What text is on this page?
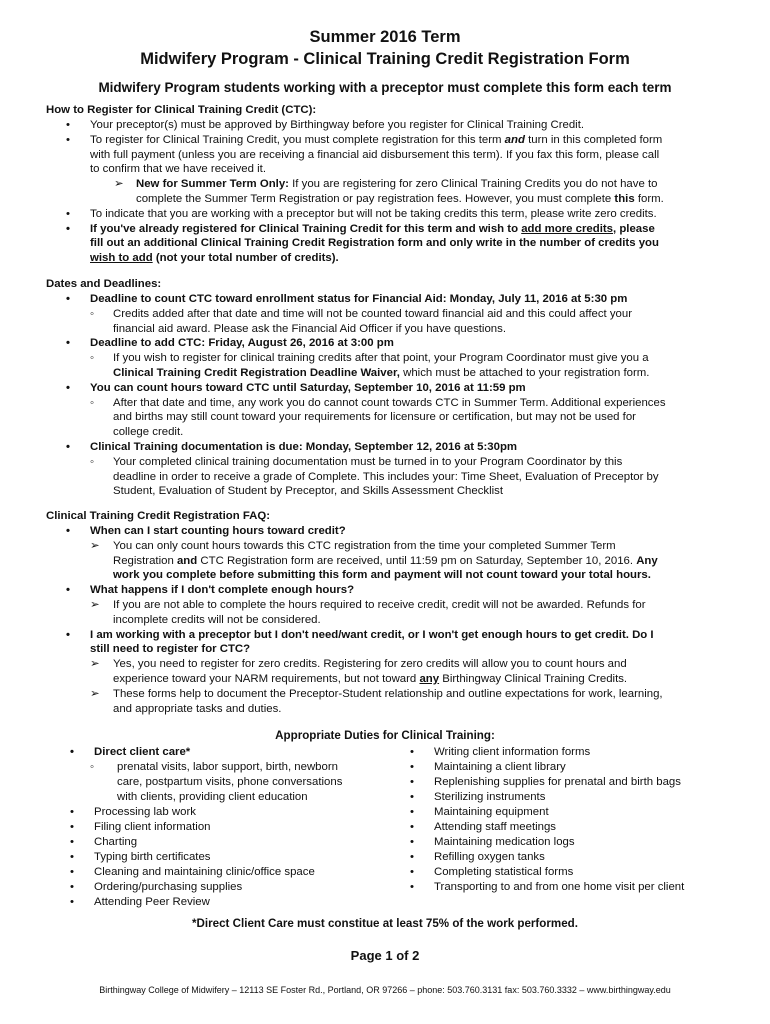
Summer 2016 Term
Midwifery Program - Clinical Training Credit Registration Form
Midwifery Program students working with a preceptor must complete this form each term
How to Register for Clinical Training Credit (CTC):
• Your preceptor(s) must be approved by Birthingway before you register for Clinical Training Credit.
• To register for Clinical Training Credit, you must complete registration for this term and turn in this completed form
with full payment (unless you are receiving a financial aid disbursement this term). If you fax this form, please call
to confirm that we have received it.
➢ New for Summer Term Only: If you are registering for zero Clinical Training Credits you do not have to
complete the Summer Term Registration or pay registration fees. However, you must complete this form.
• To indicate that you are working with a preceptor but will not be taking credits this term, please write zero credits.
• If you've already registered for Clinical Training Credit for this term and wish to add more credits, please
fill out an additional Clinical Training Credit Registration form and only write in the number of credits you
wish to add (not your total number of credits).
Dates and Deadlines:
• Deadline to count CTC toward enrollment status for Financial Aid: Monday, July 11, 2016 at 5:30 pm
◦ Credits added after that date and time will not be counted toward financial aid and this could affect your
financial aid award. Please ask the Financial Aid Officer if you have questions.
• Deadline to add CTC: Friday, August 26, 2016 at 3:00 pm
◦ If you wish to register for clinical training credits after that point, your Program Coordinator must give you a
Clinical Training Credit Registration Deadline Waiver, which must be attached to your registration form.
• You can count hours toward CTC until Saturday, September 10, 2016 at 11:59 pm
◦ After that date and time, any work you do cannot count towards CTC in Summer Term. Additional experiences
and births may still count toward your requirements for licensure or certification, but may not be used for
college credit.
• Clinical Training documentation is due: Monday, September 12, 2016 at 5:30pm
◦ Your completed clinical training documentation must be turned in to your Program Coordinator by this
deadline in order to receive a grade of Complete. This includes your: Time Sheet, Evaluation of Preceptor by
Student, Evaluation of Student by Preceptor, and Skills Assessment Checklist
Clinical Training Credit Registration FAQ:
• When can I start counting hours toward credit?
➢ You can only count hours towards this CTC registration from the time your completed Summer Term
Registration and CTC Registration form are received, until 11:59 pm on Saturday, September 10, 2016. Any
work you complete before submitting this form and payment will not count toward your total hours.
• What happens if I don't complete enough hours?
➢ If you are not able to complete the hours required to receive credit, credit will not be awarded. Refunds for
incomplete credits will not be considered.
• I am working with a preceptor but I don't need/want credit, or I won't get enough hours to get credit. Do I
still need to register for CTC?
➢ Yes, you need to register for zero credits. Registering for zero credits will allow you to count hours and
experience toward your NARM requirements, but not toward any Birthingway Clinical Training Credits.
➢ These forms help to document the Preceptor-Student relationship and outline expectations for work, learning,
and appropriate tasks and duties.
Appropriate Duties for Clinical Training:
• Direct client care*
◦ prenatal visits, labor support, birth, newborn
care, postpartum visits, phone conversations
with clients, providing client education
• Processing lab work
• Filing client information
• Charting
• Typing birth certificates
• Cleaning and maintaining clinic/office space
• Ordering/purchasing supplies
• Attending Peer Review
• Writing client information forms
• Maintaining a client library
• Replenishing supplies for prenatal and birth bags
• Sterilizing instruments
• Maintaining equipment
• Attending staff meetings
• Maintaining medication logs
• Refilling oxygen tanks
• Completing statistical forms
• Transporting to and from one home visit per client
*Direct Client Care must constitue at least 75% of the work performed.
Page 1 of 2
Birthingway College of Midwifery – 12113 SE Foster Rd., Portland, OR 97266 – phone: 503.760.3131 fax: 503.760.3332 – www.birthingway.edu
